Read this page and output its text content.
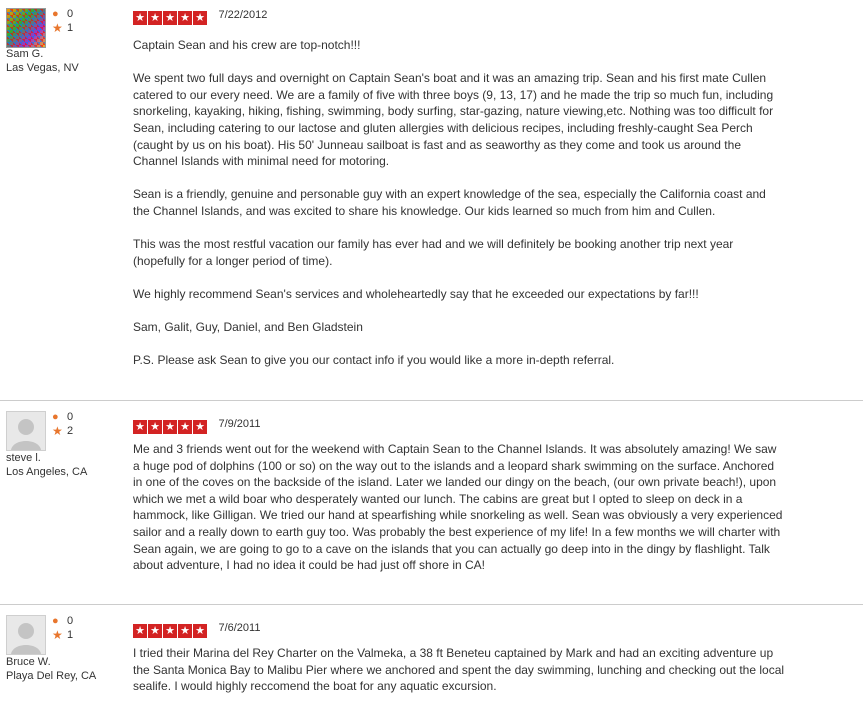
● 0
★ 1
Sam G.
Las Vegas, NV
★ ★ ★ ★ ★ 7/22/2012

Captain Sean and his crew are top-notch!!!

We spent two full days and overnight on Captain Sean's boat and it was an amazing trip. Sean and his first mate Cullen catered to our every need. We are a family of five with three boys (9, 13, 17) and he made the trip so much fun, including snorkeling, kayaking, hiking, fishing, swimming, body surfing, star-gazing, nature viewing,etc. Nothing was too difficult for Sean, including catering to our lactose and gluten allergies with delicious recipes, including freshly-caught Sea Perch (caught by us on his boat). His 50' Junneau sailboat is fast and as seaworthy as they come and took us around the Channel Islands with minimal need for motoring.

Sean is a friendly, genuine and personable guy with an expert knowledge of the sea, especially the California coast and the Channel Islands, and was excited to share his knowledge. Our kids learned so much from him and Cullen.

This was the most restful vacation our family has ever had and we will definitely be booking another trip next year (hopefully for a longer period of time).

We highly recommend Sean's services and wholeheartedly say that he exceeded our expectations by far!!!

Sam, Galit, Guy, Daniel, and Ben Gladstein

P.S. Please ask Sean to give you our contact info if you would like a more in-depth referral.

● 0
★ 2
steve l.
Los Angeles, CA
★ ★ ★ ★ ★ 7/9/2011

Me and 3 friends went out for the weekend with Captain Sean to the Channel Islands. It was absolutely amazing! We saw a huge pod of dolphins (100 or so) on the way out to the islands and a leopard shark swimming on the surface. Anchored in one of the coves on the backside of the island. Later we landed our dingy on the beach, (our own private beach!), upon which we met a wild boar who desperately wanted our lunch. The cabins are great but I opted to sleep on deck in a hammock, like Gilligan. We tried our hand at spearfishing while snorkeling as well. Sean was obviously a very experienced sailor and a really down to earth guy too. Was probably the best experience of my life! In a few months we will charter with Sean again, we are going to go to a cave on the islands that you can actually go deep into in the dingy by flashlight. Talk about adventure, I had no idea it could be had just off shore in CA!

● 0
★ 1
Bruce W.
Playa Del Rey, CA
★ ★ ★ ★ ★ 7/6/2011

I tried their Marina del Rey Charter on the Valmeka, a 38 ft Beneteu captained by Mark and had an exciting adventure up the Santa Monica Bay to Malibu Pier where we anchored and spent the day swimming, lunching and checking out the local sealife. I would highly reccomend the boat for any aquatic excursion.
